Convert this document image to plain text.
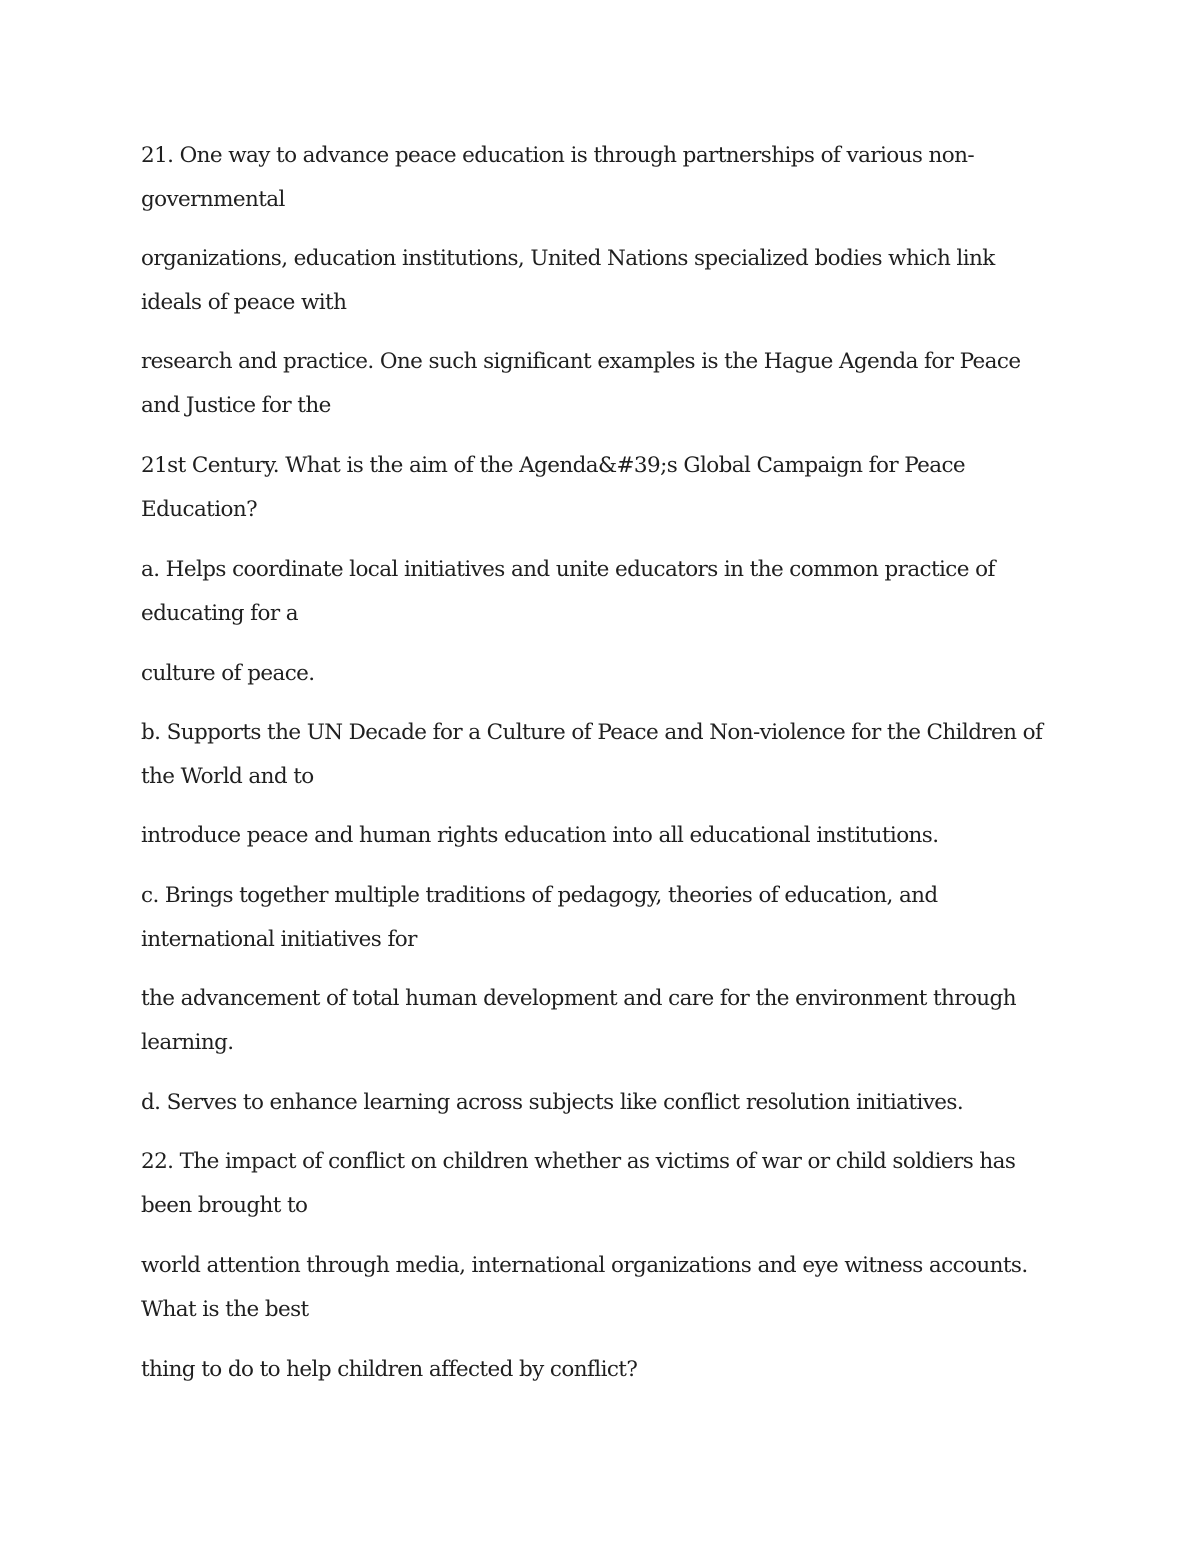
21. One way to advance peace education is through partnerships of various non-governmental

organizations, education institutions, United Nations specialized bodies which link ideals of peace with

research and practice. One such significant examples is the Hague Agenda for Peace and Justice for the

21st Century. What is the aim of the Agenda&#39;s Global Campaign for Peace Education?

a. Helps coordinate local initiatives and unite educators in the common practice of educating for a

culture of peace.

b. Supports the UN Decade for a Culture of Peace and Non-violence for the Children of the World and to

introduce peace and human rights education into all educational institutions.

c. Brings together multiple traditions of pedagogy, theories of education, and international initiatives for

the advancement of total human development and care for the environment through learning.

d. Serves to enhance learning across subjects like conflict resolution initiatives.

22. The impact of conflict on children whether as victims of war or child soldiers has been brought to

world attention through media, international organizations and eye witness accounts. What is the best

thing to do to help children affected by conflict?
